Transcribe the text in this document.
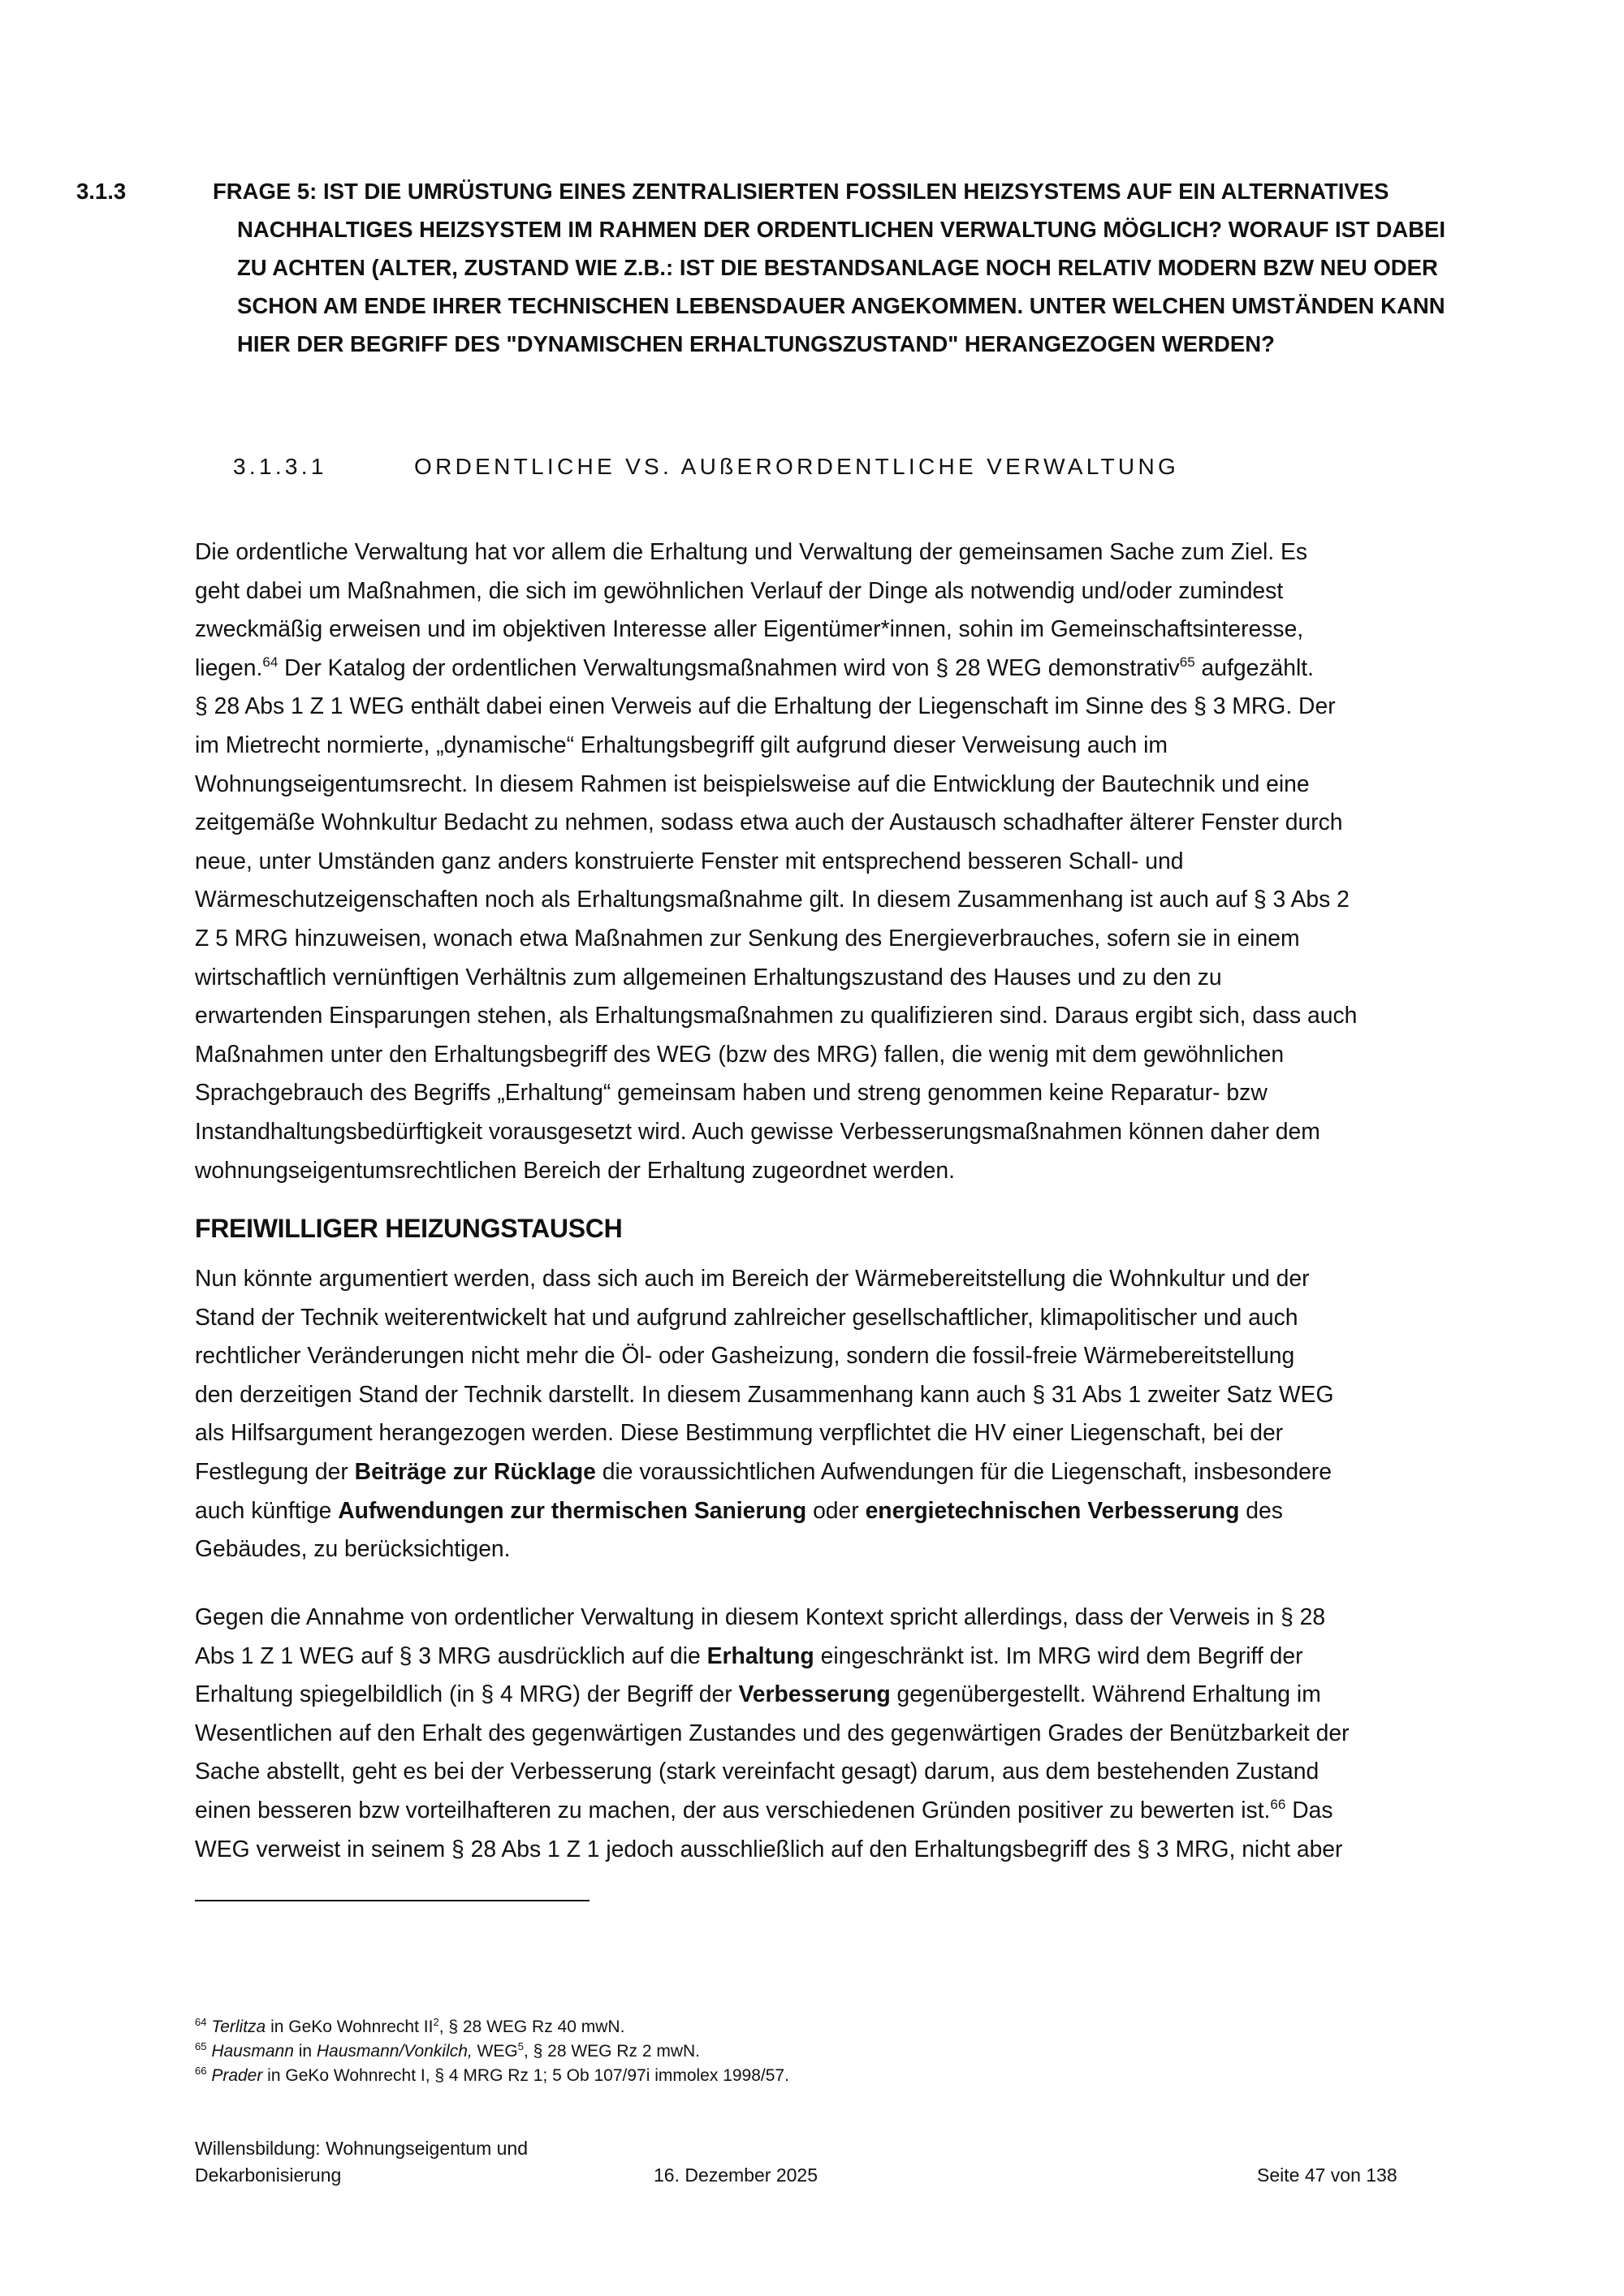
3.1.3	FRAGE 5: IST DIE UMRÜSTUNG EINES ZENTRALISIERTEN FOSSILEN HEIZSYSTEMS AUF EIN ALTERNATIVES
NACHHALTIGES HEIZSYSTEM IM RAHMEN DER ORDENTLICHEN VERWALTUNG MÖGLICH? WORAUF IST DABEI
ZU ACHTEN (ALTER, ZUSTAND WIE Z.B.: IST DIE BESTANDSANLAGE NOCH RELATIV MODERN BZW NEU ODER
SCHON AM ENDE IHRER TECHNISCHEN LEBENSDAUER ANGEKOMMEN. UNTER WELCHEN UMSTÄNDEN KANN
HIER DER BEGRIFF DES "DYNAMISCHEN ERHALTUNGSZUSTAND" HERANGEZOGEN WERDEN?
3.1.3.1	ORDENTLICHE VS. AUßERORDENTLICHE VERWALTUNG
Die ordentliche Verwaltung hat vor allem die Erhaltung und Verwaltung der gemeinsamen Sache zum Ziel. Es
geht dabei um Maßnahmen, die sich im gewöhnlichen Verlauf der Dinge als notwendig und/oder zumindest
zweckmäßig erweisen und im objektiven Interesse aller Eigentümer*innen, sohin im Gemeinschaftsinteresse,
liegen.$^{64}$ Der Katalog der ordentlichen Verwaltungsmaßnahmen wird von § 28 WEG demonstrativ$^{65}$ aufgezählt.
§ 28 Abs 1 Z 1 WEG enthält dabei einen Verweis auf die Erhaltung der Liegenschaft im Sinne des § 3 MRG. Der
im Mietrecht normierte, „dynamische“ Erhaltungsbegriff gilt aufgrund dieser Verweisung auch im
Wohnungseigentumsrecht. In diesem Rahmen ist beispielsweise auf die Entwicklung der Bautechnik und eine
zeitgemäße Wohnkultur Bedacht zu nehmen, sodass etwa auch der Austausch schadhafter älterer Fenster durch
neue, unter Umständen ganz anders konstruierte Fenster mit entsprechend besseren Schall- und
Wärmeschutzeigenschaften noch als Erhaltungsmaßnahme gilt. In diesem Zusammenhang ist auch auf § 3 Abs 2
Z 5 MRG hinzuweisen, wonach etwa Maßnahmen zur Senkung des Energieverbrauches, sofern sie in einem
wirtschaftlich vernünftigen Verhältnis zum allgemeinen Erhaltungszustand des Hauses und zu den zu
erwartenden Einsparungen stehen, als Erhaltungsmaßnahmen zu qualifizieren sind. Daraus ergibt sich, dass auch
Maßnahmen unter den Erhaltungsbegriff des WEG (bzw des MRG) fallen, die wenig mit dem gewöhnlichen
Sprachgebrauch des Begriffs „Erhaltung“ gemeinsam haben und streng genommen keine Reparatur- bzw
Instandhaltungsbedürftigkeit vorausgesetzt wird. Auch gewisse Verbesserungsmaßnahmen können daher dem
wohnungseigentumsrechtlichen Bereich der Erhaltung zugeordnet werden.
FREIWILLIGER HEIZUNGSTAUSCH
Nun könnte argumentiert werden, dass sich auch im Bereich der Wärmebereitstellung die Wohnkultur und der
Stand der Technik weiterentwickelt hat und aufgrund zahlreicher gesellschaftlicher, klimapolitischer und auch
rechtlicher Veränderungen nicht mehr die Öl- oder Gasheizung, sondern die fossil-freie Wärmebereitstellung
den derzeitigen Stand der Technik darstellt. In diesem Zusammenhang kann auch § 31 Abs 1 zweiter Satz WEG
als Hilfsargument herangezogen werden. Diese Bestimmung verpflichtet die HV einer Liegenschaft, bei der
Festlegung der Beiträge zur Rücklage die voraussichtlichen Aufwendungen für die Liegenschaft, insbesondere
auch künftige Aufwendungen zur thermischen Sanierung oder energietechnischen Verbesserung des
Gebäudes, zu berücksichtigen.
Gegen die Annahme von ordentlicher Verwaltung in diesem Kontext spricht allerdings, dass der Verweis in § 28
Abs 1 Z 1 WEG auf § 3 MRG ausdrücklich auf die Erhaltung eingeschränkt ist. Im MRG wird dem Begriff der
Erhaltung spiegelbildlich (in § 4 MRG) der Begriff der Verbesserung gegenübergestellt. Während Erhaltung im
Wesentlichen auf den Erhalt des gegenwärtigen Zustandes und des gegenwärtigen Grades der Benützbarkeit der
Sache abstellt, geht es bei der Verbesserung (stark vereinfacht gesagt) darum, aus dem bestehenden Zustand
einen besseren bzw vorteilhafteren zu machen, der aus verschiedenen Gründen positiver zu bewerten ist.$^{66}$ Das
WEG verweist in seinem § 28 Abs 1 Z 1 jedoch ausschließlich auf den Erhaltungsbegriff des § 3 MRG, nicht aber
$^{64}$ Terlitza in GeKo Wohnrecht $II^2$, § 28 WEG Rz 40 mwN.
$^{65}$ Hausmann in Hausmann/Vonkilch, WEG$^5$, § 28 WEG Rz 2 mwN.
$^{66}$ Prader in GeKo Wohnrecht I, § 4 MRG Rz 1; 5 Ob 107/97i immolex 1998/57.
Willensbildung: Wohnungseigentum und
Dekarbonisierung	16. Dezember 2025	Seite 47 von 138
